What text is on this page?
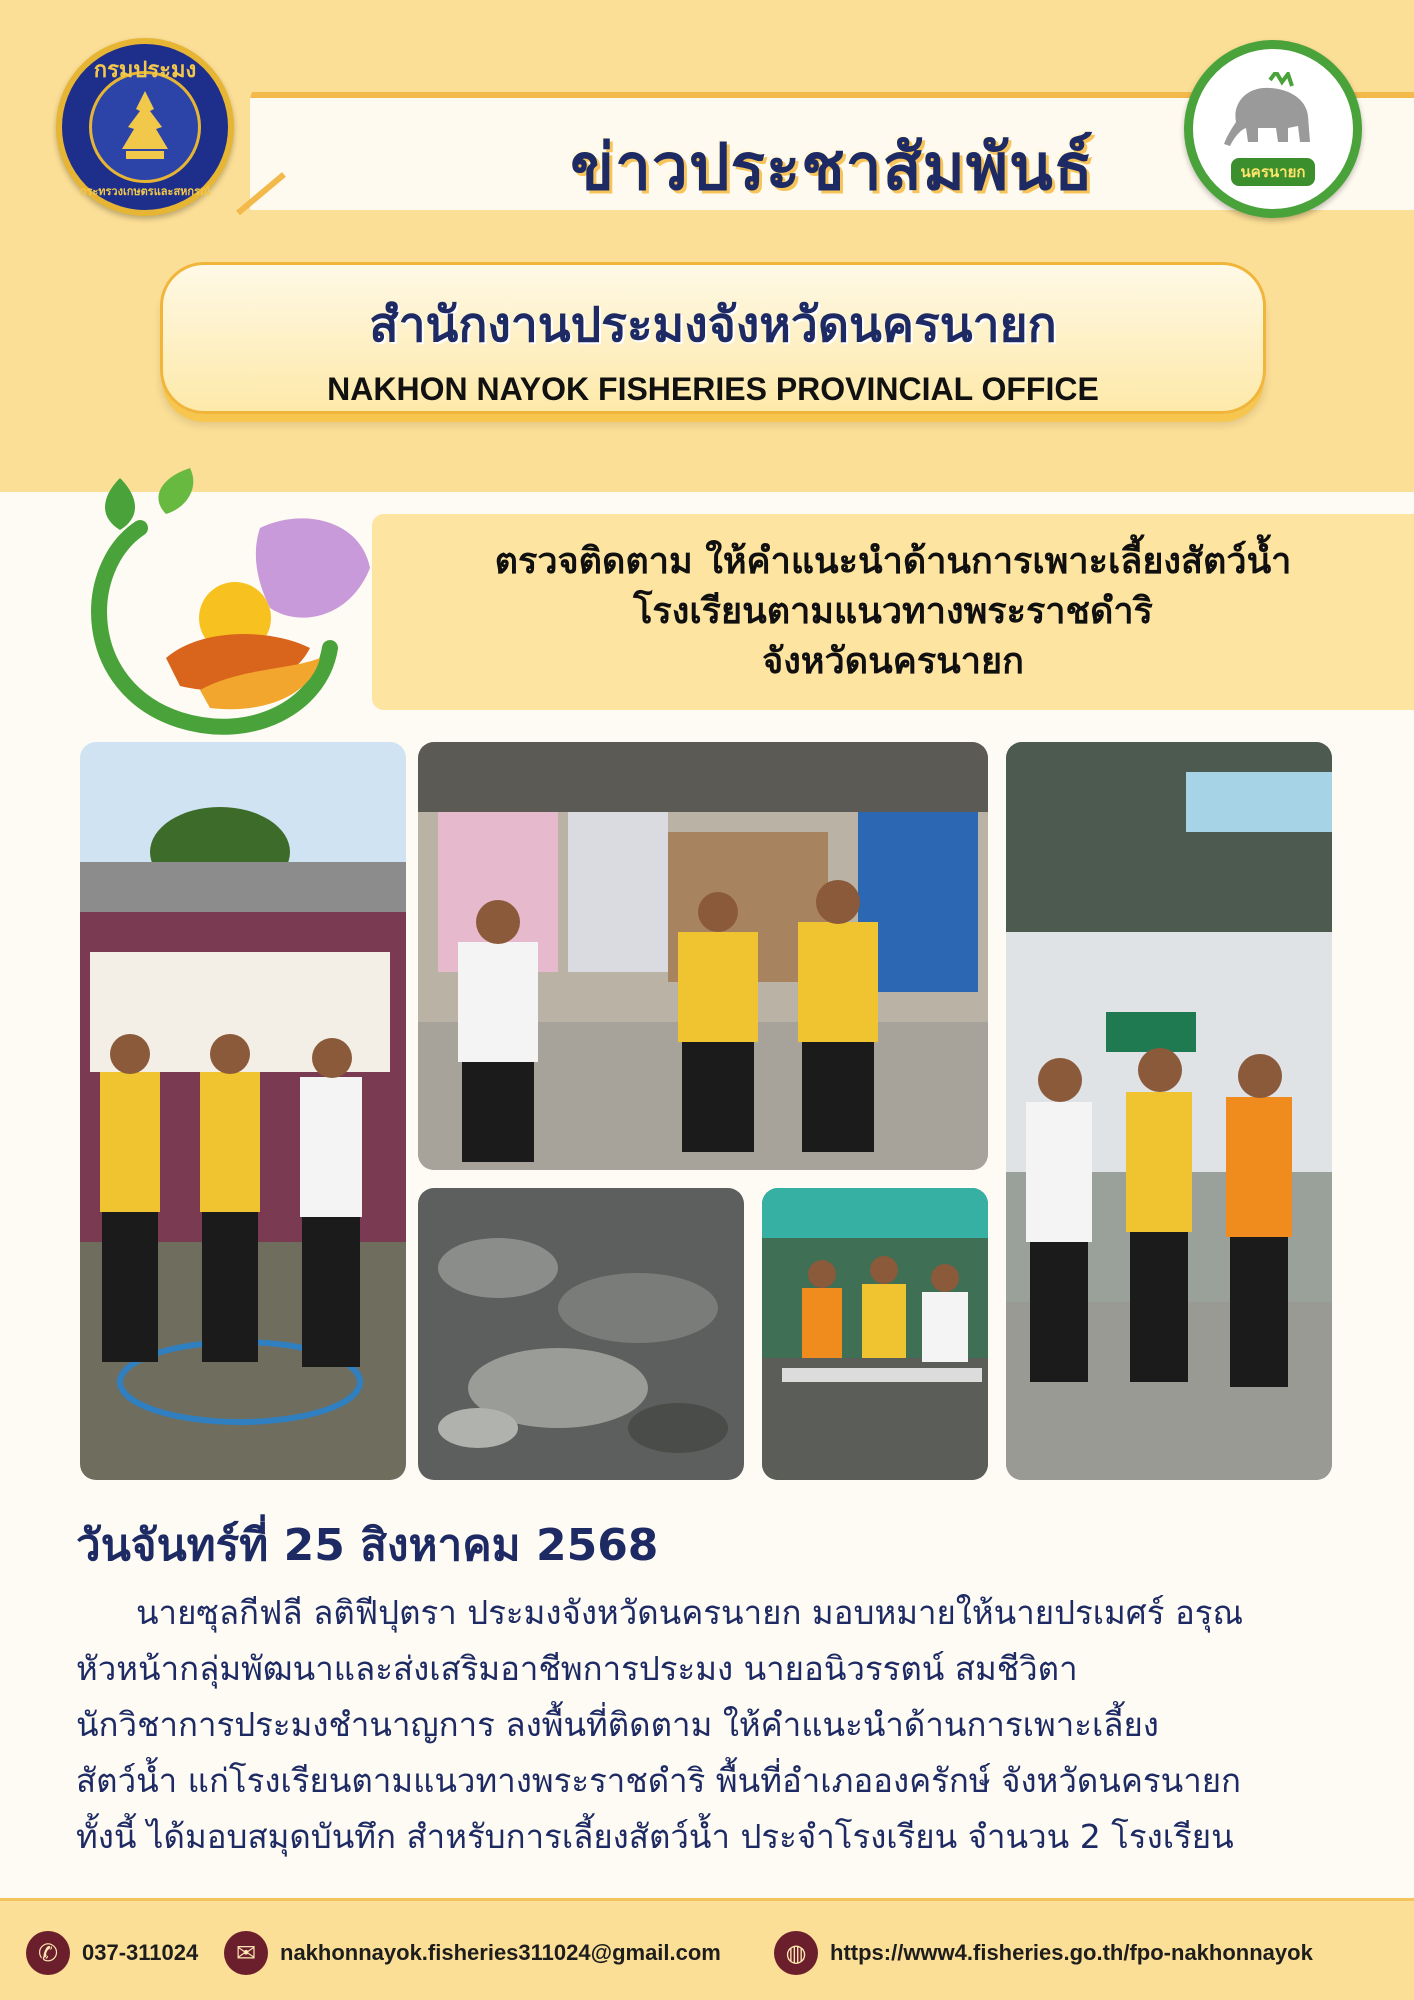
ข่าวประชาสัมพันธ์
กรมประมง
กระทรวงเกษตรและสหกรณ์
นครนายก
สำนักงานประมงจังหวัดนครนายก
NAKHON NAYOK FISHERIES PROVINCIAL OFFICE
ตรวจติดตาม ให้คำแนะนำด้านการเพาะเลี้ยงสัตว์น้ำ
โรงเรียนตามแนวทางพระราชดำริ
จังหวัดนครนายก
วันจันทร์ที่ 25 สิงหาคม 2568
นายซุลกีฟลี ลติฟีปุตรา ประมงจังหวัดนครนายก มอบหมายให้นายปรเมศร์ อรุณ
หัวหน้ากลุ่มพัฒนาและส่งเสริมอาชีพการประมง นายอนิวรรตน์ สมชีวิตา
นักวิชาการประมงชำนาญการ ลงพื้นที่ติดตาม ให้คำแนะนำด้านการเพาะเลี้ยง
สัตว์น้ำ แก่โรงเรียนตามแนวทางพระราชดำริ พื้นที่อำเภอองครักษ์ จังหวัดนครนายก
ทั้งนี้ ได้มอบสมุดบันทึก สำหรับการเลี้ยงสัตว์น้ำ ประจำโรงเรียน จำนวน 2 โรงเรียน
✆	037-311024	✉	nakhonnayok.fisheries311024@gmail.com	◍	https://www4.fisheries.go.th/fpo-nakhonnayok
